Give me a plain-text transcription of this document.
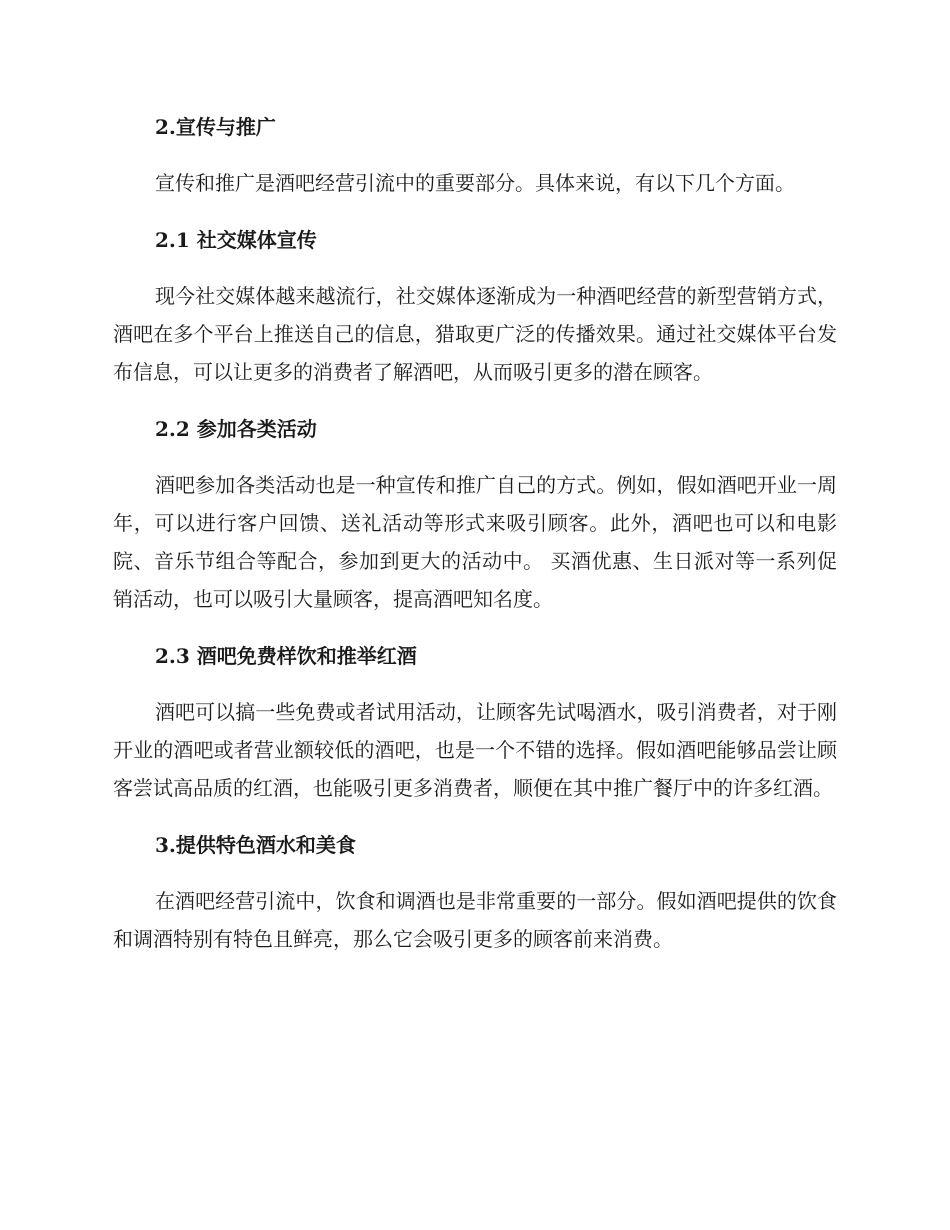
2.宣传与推广

宣传和推广是酒吧经营引流中的重要部分。具体来说，有以下几个方面。

2.1 社交媒体宣传

现今社交媒体越来越流行，社交媒体逐渐成为一种酒吧经营的新型营销方式，酒吧在多个平台上推送自己的信息，猎取更广泛的传播效果。通过社交媒体平台发布信息，可以让更多的消费者了解酒吧，从而吸引更多的潜在顾客。

2.2 参加各类活动

酒吧参加各类活动也是一种宣传和推广自己的方式。例如，假如酒吧开业一周年，可以进行客户回馈、送礼活动等形式来吸引顾客。此外，酒吧也可以和电影院、音乐节组合等配合，参加到更大的活动中。 买酒优惠、生日派对等一系列促销活动，也可以吸引大量顾客，提高酒吧知名度。

2.3 酒吧免费样饮和推举红酒

酒吧可以搞一些免费或者试用活动，让顾客先试喝酒水，吸引消费者，对于刚开业的酒吧或者营业额较低的酒吧，也是一个不错的选择。假如酒吧能够品尝让顾客尝试高品质的红酒，也能吸引更多消费者，顺便在其中推广餐厅中的许多红酒。

3.提供特色酒水和美食

在酒吧经营引流中，饮食和调酒也是非常重要的一部分。假如酒吧提供的饮食和调酒特别有特色且鲜亮，那么它会吸引更多的顾客前来消费。
